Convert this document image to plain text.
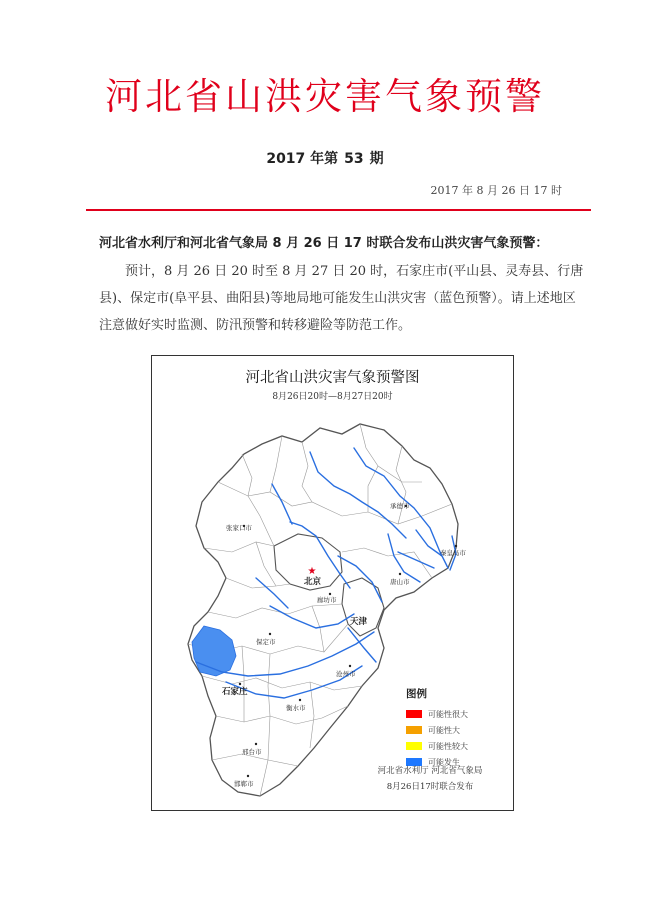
河北省山洪灾害气象预警
2017 年第 53 期
2017 年 8 月 26 日 17 时
河北省水利厅和河北省气象局 8 月 26 日 17 时联合发布山洪灾害气象预警：
预计，8 月 26 日 20 时至 8 月 27 日 20 时，石家庄市(平山县、灵寿县、行唐县)、保定市(阜平县、曲阳县)等地局地可能发生山洪灾害（蓝色预警）。请上述地区注意做好实时监测、防汛预警和转移避险等防范工作。
河北省山洪灾害气象预警图
8月26日20时—8月27日20时
★
张家口市
承德市
秦皇岛市
北京	唐山市
廊坊市
天津
保定市
沧州市
石家庄
衡水市
邢台市
邯郸市
图例
可能性很大
可能性大
可能性较大
可能发生
河北省水利厅 河北省气象局
8月26日17时联合发布
